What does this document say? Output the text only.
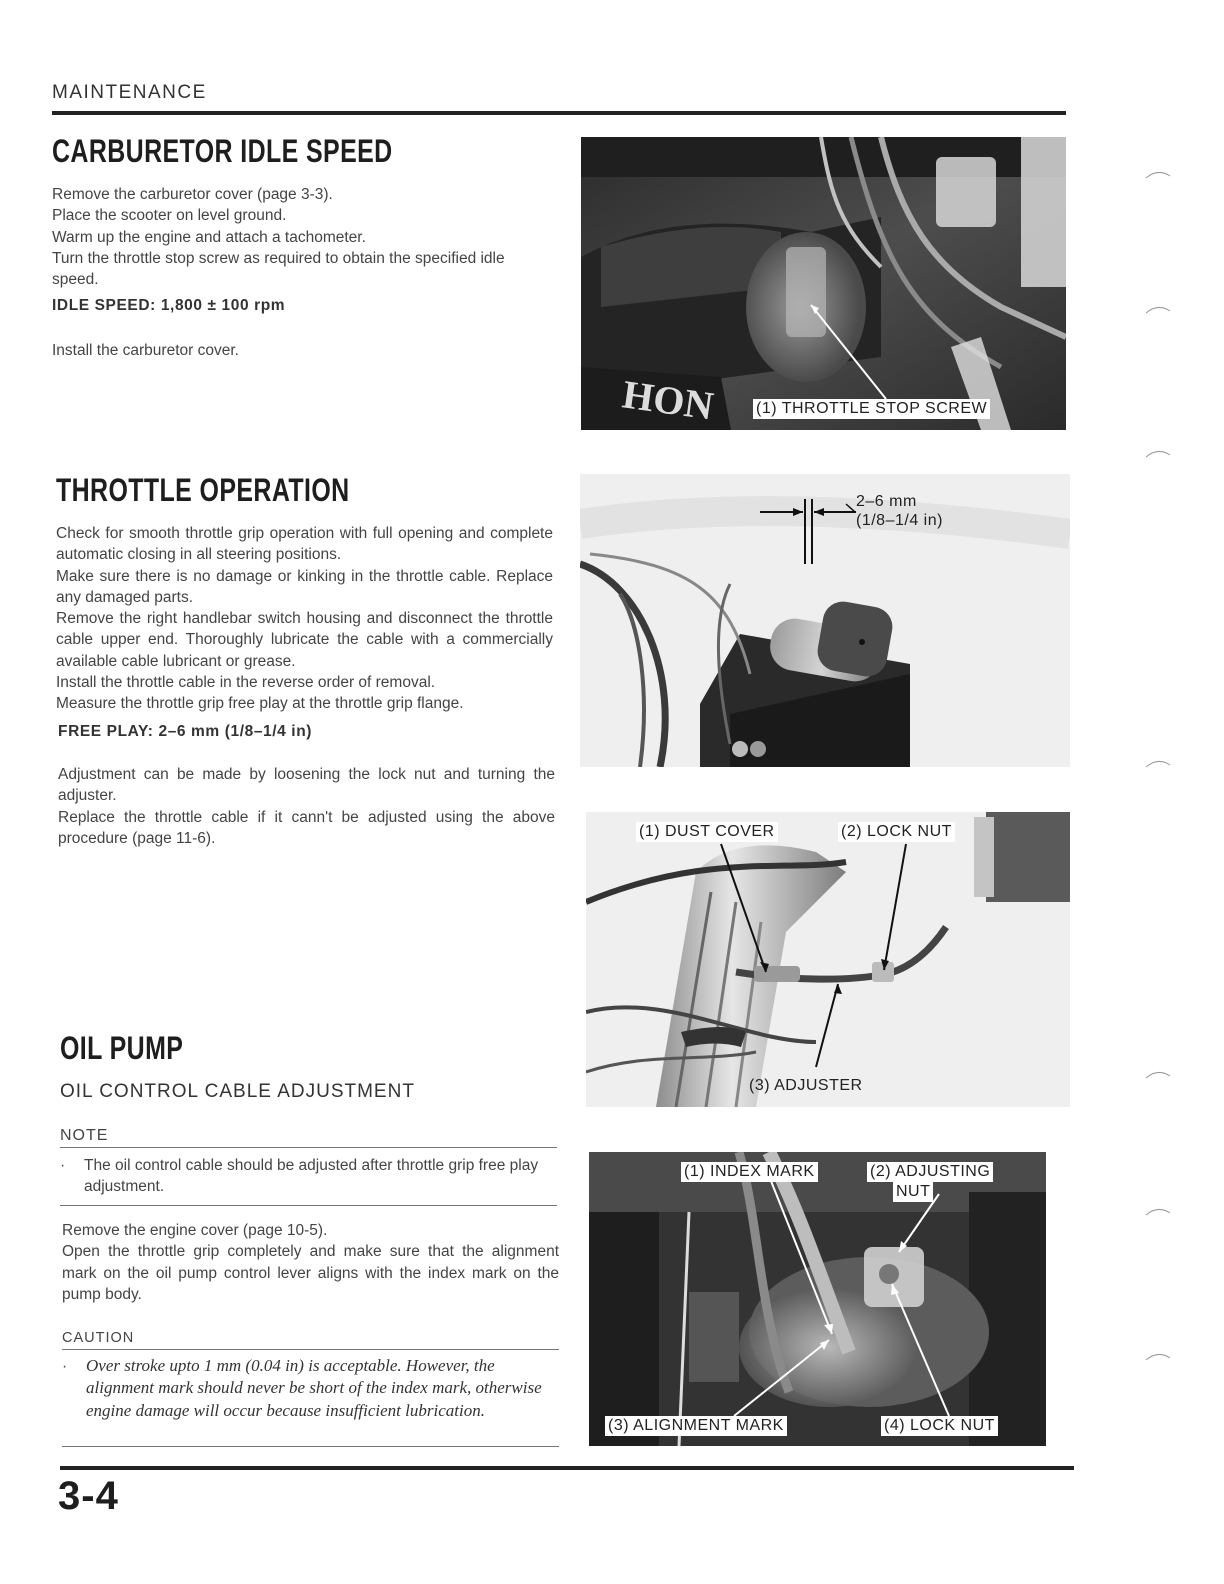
MAINTENANCE
CARBURETOR IDLE SPEED

Remove the carburetor cover (page 3-3).

Place the scooter on level ground.

Warm up the engine and attach a tachometer.

Turn the throttle stop screw as required to obtain the specified idle speed.

IDLE SPEED: 1,800 ± 100 rpm
Install the carburetor cover.
HON (1) THROTTLE STOP SCREW
THROTTLE OPERATION

Check for smooth throttle grip operation with full opening and complete automatic closing in all steering positions.

Make sure there is no damage or kinking in the throttle cable. Replace any damaged parts.

Remove the right handlebar switch housing and disconnect the throttle cable upper end. Thoroughly lubricate the cable with a commercially available cable lubricant or grease.

Install the throttle cable in the reverse order of removal.

Measure the throttle grip free play at the throttle grip flange.

FREE PLAY: 2–6 mm (1/8–1/4 in)

Adjustment can be made by loosening the lock nut and turning the adjuster.

Replace the throttle cable if it cann't be adjusted using the above procedure (page 11-6).

2–6 mm
(1/8–1/4 in)
(1) DUST COVER	(2) LOCK NUT
(3) ADJUSTER
OIL PUMP
OIL CONTROL CABLE ADJUSTMENT
NOTE

· The oil control cable should be adjusted after throttle grip free play adjustment.

Remove the engine cover (page 10-5).

Open the throttle grip completely and make sure that the alignment mark on the oil pump control lever aligns with the index mark on the pump body.

CAUTION

· Over stroke upto 1 mm (0.04 in) is acceptable. However, the alignment mark should never be short of the index mark, otherwise engine damage will occur because insufficient lubrication.

(1) INDEX MARK	(2) ADJUSTING
NUT
(3) ALIGNMENT MARK	(4) LOCK NUT
3-4
